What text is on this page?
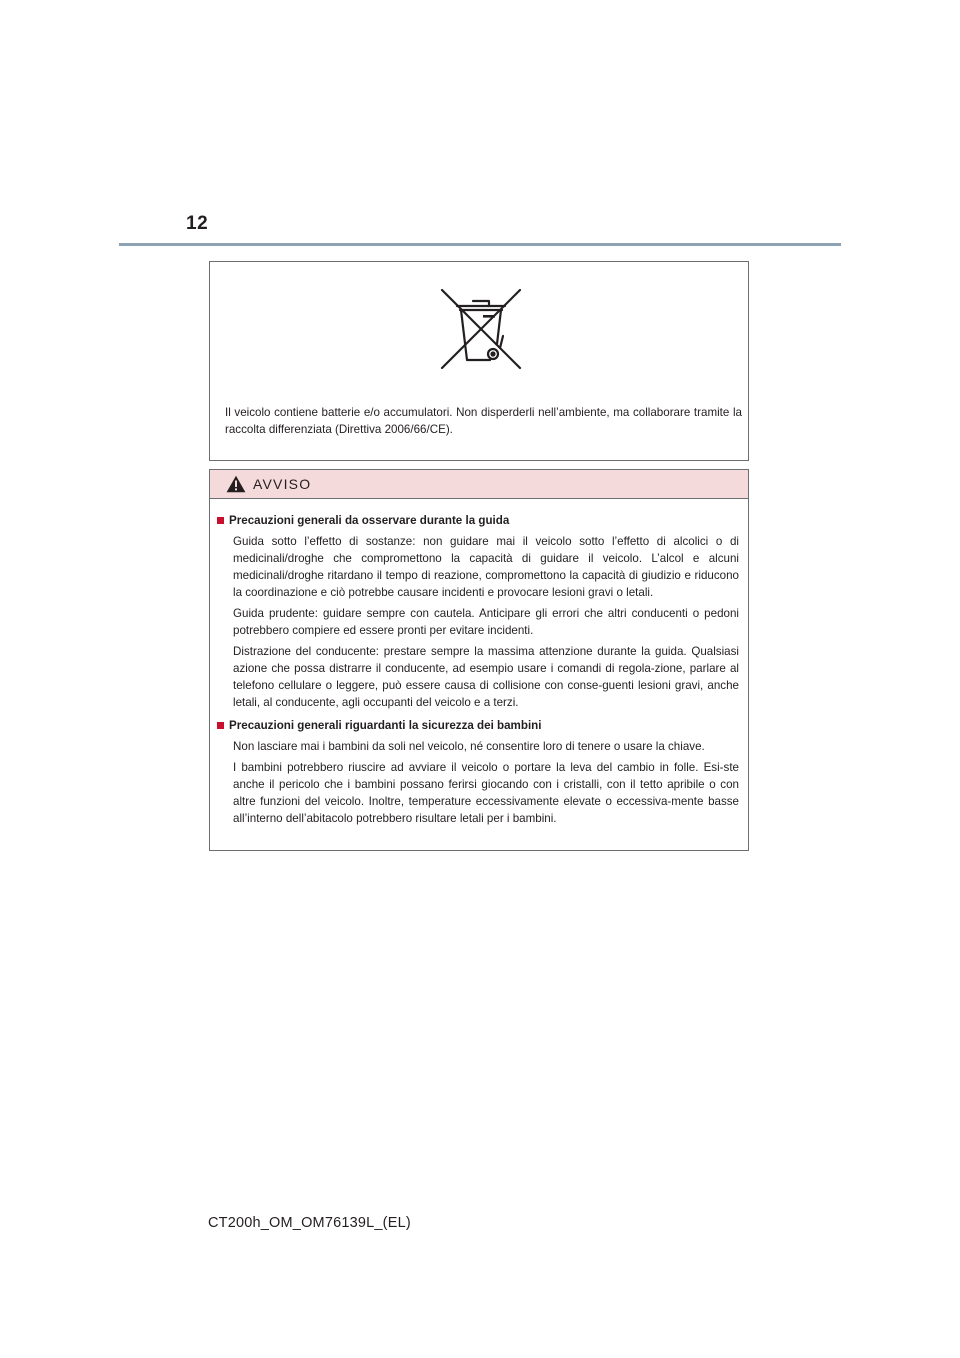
12
Il veicolo contiene batterie e/o accumulatori. Non disperderli nell’ambiente, ma collaborare tramite la raccolta differenziata (Direttiva 2006/66/CE).
AVVISO
Precauzioni generali da osservare durante la guida

Guida sotto l’effetto di sostanze: non guidare mai il veicolo sotto l’effetto di alcolici o di medicinali/droghe che compromettono la capacità di guidare il veicolo. L’alcol e alcuni medicinali/droghe ritardano il tempo di reazione, compromettono la capacità di giudizio e riducono la coordinazione e ciò potrebbe causare incidenti e provocare lesioni gravi o letali.

Guida prudente: guidare sempre con cautela. Anticipare gli errori che altri conducenti o pedoni potrebbero compiere ed essere pronti per evitare incidenti.

Distrazione del conducente: prestare sempre la massima attenzione durante la guida. Qualsiasi azione che possa distrarre il conducente, ad esempio usare i comandi di regola-zione, parlare al telefono cellulare o leggere, può essere causa di collisione con conse-guenti lesioni gravi, anche letali, al conducente, agli occupanti del veicolo e a terzi.

Precauzioni generali riguardanti la sicurezza dei bambini

Non lasciare mai i bambini da soli nel veicolo, né consentire loro di tenere o usare la chiave.

I bambini potrebbero riuscire ad avviare il veicolo o portare la leva del cambio in folle. Esi-ste anche il pericolo che i bambini possano ferirsi giocando con i cristalli, con il tetto apribile o con altre funzioni del veicolo. Inoltre, temperature eccessivamente elevate o eccessiva-mente basse all’interno dell’abitacolo potrebbero risultare letali per i bambini.

CT200h_OM_OM76139L_(EL)
